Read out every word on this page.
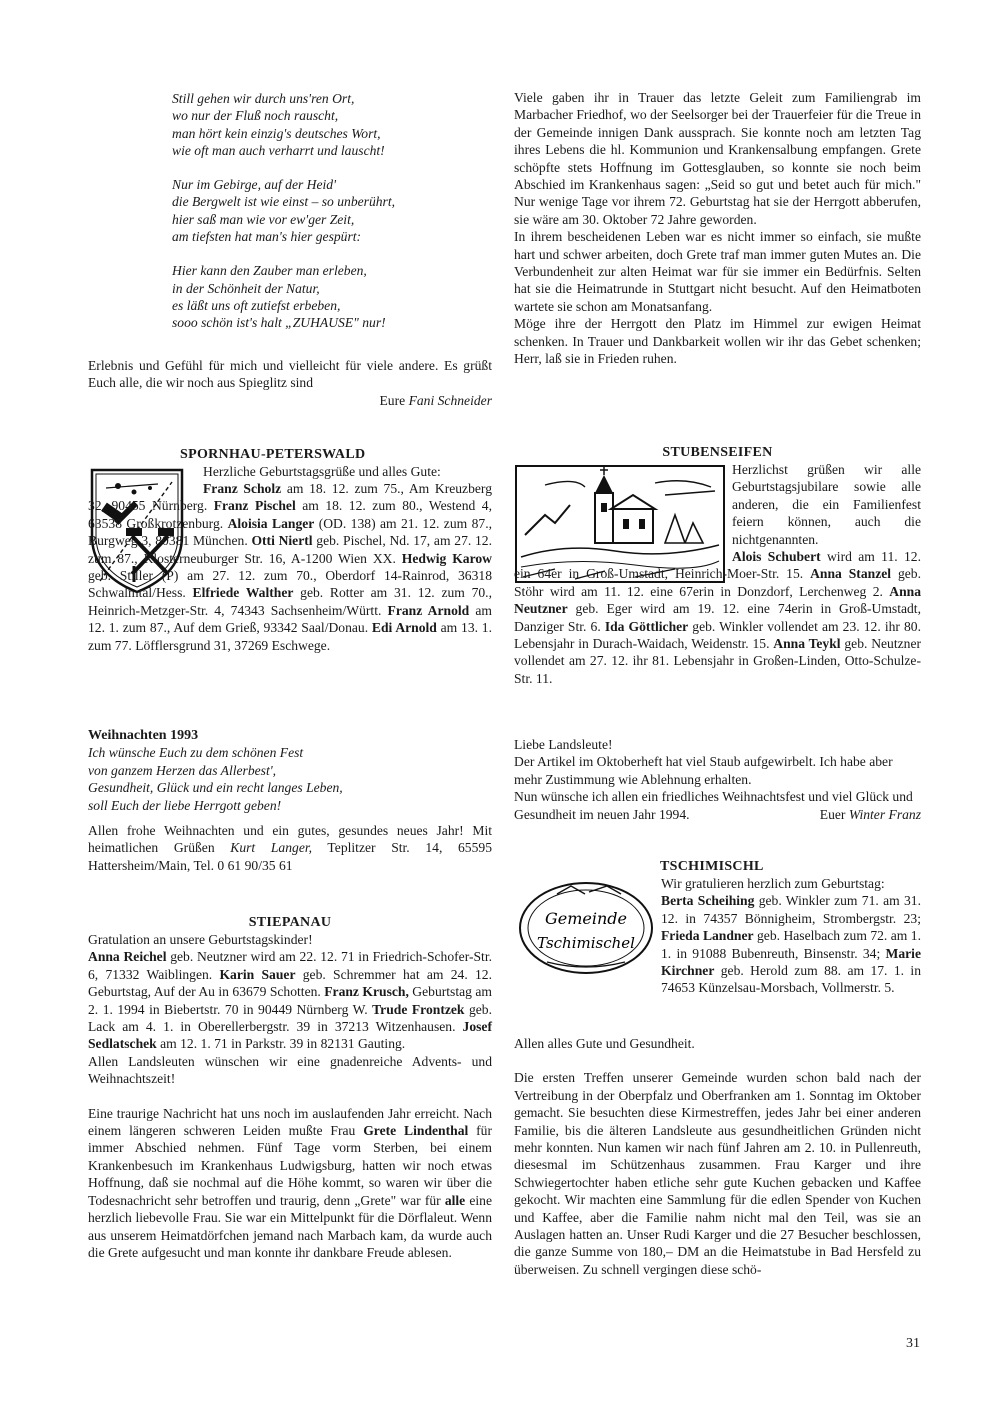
Still gehen wir durch uns'ren Ort,
wo nur der Fluß noch rauscht,
man hört kein einzig's deutsches Wort,
wie oft man auch verharrt und lauscht!
Nur im Gebirge, auf der Heid'
die Bergwelt ist wie einst – so unberührt,
hier saß man wie vor ew'ger Zeit,
am tiefsten hat man's hier gespürt:
Hier kann den Zauber man erleben,
in der Schönheit der Natur,
es läßt uns oft zutiefst erbeben,
sooo schön ist's halt „ZUHAUSE" nur!

Erlebnis und Gefühl für mich und vielleicht für viele andere. Es grüßt Euch alle, die wir noch aus Spieglitz sind

Eure Fani Schneider

Viele gaben ihr in Trauer das letzte Geleit zum Familiengrab im Marbacher Friedhof, wo der Seelsorger bei der Trauerfeier für die Treue in der Gemeinde innigen Dank aussprach. Sie konnte noch am letzten Tag ihres Lebens die hl. Kommunion und Krankensalbung empfangen. Grete schöpfte stets Hoffnung im Gottesglauben, so konnte sie noch beim Abschied im Krankenhaus sagen: „Seid so gut und betet auch für mich." Nur wenige Tage vor ihrem 72. Geburtstag hat sie der Herrgott abberufen, sie wäre am 30. Oktober 72 Jahre geworden.

In ihrem bescheidenen Leben war es nicht immer so einfach, sie mußte hart und schwer arbeiten, doch Grete traf man immer guten Mutes an. Die Verbundenheit zur alten Heimat war für sie immer ein Bedürfnis. Selten hat sie die Heimatrunde in Stuttgart nicht besucht. Auf den Heimatboten wartete sie schon am Monatsanfang.

Möge ihre der Herrgott den Platz im Himmel zur ewigen Heimat schenken. In Trauer und Dankbarkeit wollen wir ihr das Gebet schenken; Herr, laß sie in Frieden ruhen.

SPORNHAU-PETERSWALD

Herzliche Geburtstagsgrüße und alles Gute:

Franz Scholz am 18. 12. zum 75., Am Kreuzberg 32, 90455 Nürnberg. Franz Pischel am 18. 12. zum 80., Westend 4, 63538 Großkrotzenburg. Aloisia Langer (OD. 138) am 21. 12. zum 87., Burgweg 3, 80381 München. Otti Niertl geb. Pischel, Nd. 17, am 27. 12. zum 87., Klosterneuburger Str. 16, A-1200 Wien XX. Hedwig Karow geb. Stiller (P) am 27. 12. zum 70., Oberdorf 14-Rainrod, 36318 Schwalmtal/Hess. Elfriede Walther geb. Rotter am 31. 12. zum 70., Heinrich-Metzger-Str. 4, 74343 Sachsenheim/Württ. Franz Arnold am 12. 1. zum 87., Auf dem Grieß, 93342 Saal/Donau. Edi Arnold am 13. 1. zum 77. Löfflersgrund 31, 37269 Eschwege.

Weihnachten 1993

Ich wünsche Euch zu dem schönen Fest
von ganzem Herzen das Allerbest',
Gesundheit, Glück und ein recht langes Leben,
soll Euch der liebe Herrgott geben!

Allen frohe Weihnachten und ein gutes, gesundes neues Jahr! Mit heimatlichen Grüßen Kurt Langer, Teplitzer Str. 14, 65595 Hattersheim/Main, Tel. 0 61 90/35 61

STIEPANAU

Gratulation an unsere Geburtstagskinder!

Anna Reichel geb. Neutzner wird am 22. 12. 71 in Friedrich-Schofer-Str. 6, 71332 Waiblingen. Karin Sauer geb. Schremmer hat am 24. 12. Geburtstag, Auf der Au in 63679 Schotten. Franz Krusch, Geburtstag am 2. 1. 1994 in Biebertstr. 70 in 90449 Nürnberg W. Trude Frontzek geb. Lack am 4. 1. in Oberellerbergstr. 39 in 37213 Witzenhausen. Josef Sedlatschek am 12. 1. 71 in Parkstr. 39 in 82131 Gauting.

Allen Landsleuten wünschen wir eine gnadenreiche Advents- und Weihnachtszeit!

Eine traurige Nachricht hat uns noch im auslaufenden Jahr erreicht. Nach einem längeren schweren Leiden mußte Frau Grete Lindenthal für immer Abschied nehmen. Fünf Tage vorm Sterben, bei einem Krankenbesuch im Krankenhaus Ludwigsburg, hatten wir noch etwas Hoffnung, daß sie nochmal auf die Höhe kommt, so waren wir über die Todesnachricht sehr betroffen und traurig, denn „Grete" war für alle eine herzlich liebevolle Frau. Sie war ein Mittelpunkt für die Dörflaleut. Wenn aus unserem Heimatdörfchen jemand nach Marbach kam, da wurde auch die Grete aufgesucht und man konnte ihr dankbare Freude ablesen.

STUBENSEIFEN

Herzlichst grüßen wir alle Geburtstagsjubilare sowie alle anderen, die ein Familienfest feiern können, auch die nichtgenannten.

Alois Schubert wird am 11. 12. ein 64er in Groß-Umstadt, Heinrich-Moer-Str. 15. Anna Stanzel geb. Stöhr wird am 11. 12. eine 67erin in Donzdorf, Lerchenweg 2. Anna Neutzner geb. Eger wird am 19. 12. eine 74erin in Groß-Umstadt, Danziger Str. 6. Ida Göttlicher geb. Winkler vollendet am 23. 12. ihr 80. Lebensjahr in Durach-Waidach, Weidenstr. 15. Anna Teykl geb. Neutzner vollendet am 27. 12. ihr 81. Lebensjahr in Großen-Linden, Otto-Schulze-Str. 11.

Liebe Landsleute!

Der Artikel im Oktoberheft hat viel Staub aufgewirbelt. Ich habe aber mehr Zustimmung wie Ablehnung erhalten.
Nun wünsche ich allen ein friedliches Weihnachtsfest und viel Glück und Gesundheit im neuen Jahr 1994.	Euer Winter Franz

TSCHIMISCHL
Gemeinde
Tschimischel

Wir gratulieren herzlich zum Geburtstag:

Berta Scheihing geb. Winkler zum 71. am 31. 12. in 74357 Bönnigheim, Strombergstr. 23; Frieda Landner geb. Haselbach zum 72. am 1. 1. in 91088 Bubenreuth, Binsenstr. 34; Marie Kirchner geb. Herold zum 88. am 17. 1. in 74653 Künzelsau-Morsbach, Vollmerstr. 5.

Allen alles Gute und Gesundheit.

Die ersten Treffen unserer Gemeinde wurden schon bald nach der Vertreibung in der Oberpfalz und Oberfranken am 1. Sonntag im Oktober gemacht. Sie besuchten diese Kirmestreffen, jedes Jahr bei einer anderen Familie, bis die älteren Landsleute aus gesundheitlichen Gründen nicht mehr konnten. Nun kamen wir nach fünf Jahren am 2. 10. in Pullenreuth, diesesmal im Schützenhaus zusammen. Frau Karger und ihre Schwiegertochter haben etliche sehr gute Kuchen gebacken und Kaffee gekocht. Wir machten eine Sammlung für die edlen Spender von Kuchen und Kaffee, aber die Familie nahm nicht mal den Teil, was sie an Auslagen hatten an. Unser Rudi Karger und die 27 Besucher beschlossen, die ganze Summe von 180,– DM an die Heimatstube in Bad Hersfeld zu überweisen. Zu schnell vergingen diese schö-

31
